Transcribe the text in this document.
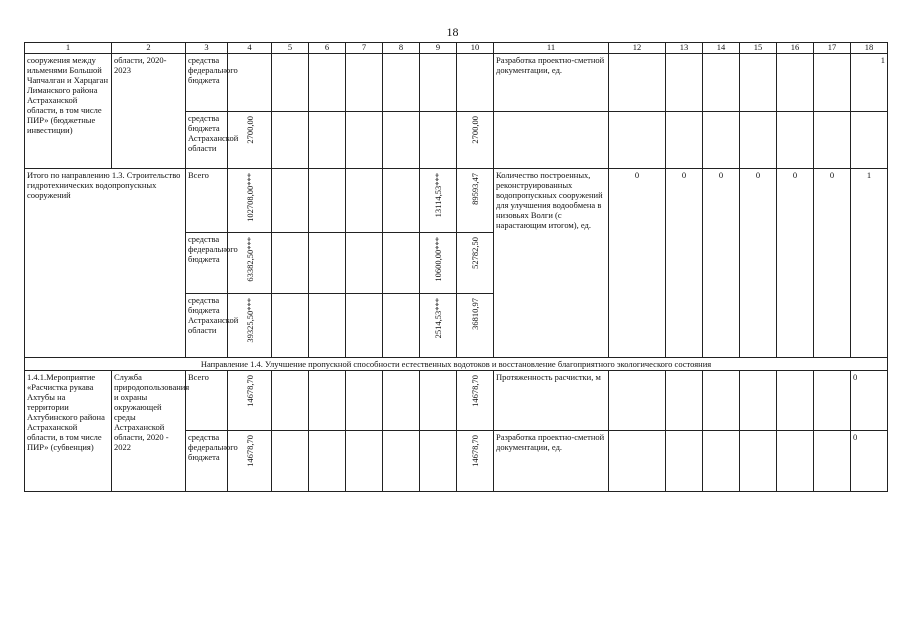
18
1	2	3	4	5	6	7	8	9	10	11	12	13	14	15	16	17	18
сооружения между ильменями Большой Чапчалган и Харцаган Лиманского района Астраханской области, в том числе ПИР» (бюджетные инвестиции)	области, 2020-2023	средства федерального бюджета								Разработка проектно-сметной документации, ед.							1
		средства бюджета Астраханской области	2700,00						2700,00								

Итого по направлению 1.3. Строительство гидротехнических водопропускных сооружений		Всего	102708,00***					13114,53***	89593,47	Количество построенных, реконструированных водопропускных сооружений для улучшения водообмена в низовьях Волги (с нарастающим итогом), ед.	0	0	0	0	0	0	1
		средства федерального бюджета	63382,50***					10600,00***	52782,50								

		средства бюджета Астраханской области	39325,50***					2514,53***	36810,97								

Направление 1.4. Улучшение пропускной способности естественных водотоков и восстановление благоприятного экологического состояния																	
1.4.1.Мероприятие «Расчистка рукава Ахтубы на территории Ахтубинского района Астраханской области, в том числе ПИР» (субвенция)	Служба природопользования и охраны окружающей среды Астраханской области, 2020 - 2022	Всего	14678,70						14678,70	Протяженность расчистки, м							0
		средства федерального бюджета	14678,70						14678,70	Разработка проектно-сметной документации, ед.							0
